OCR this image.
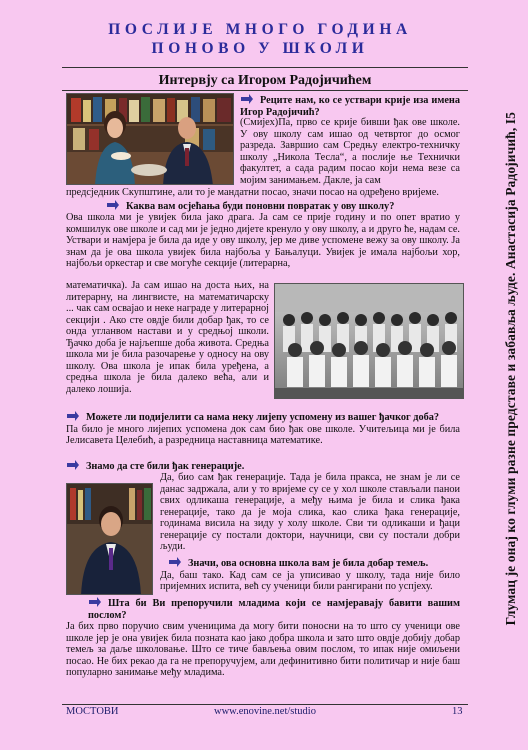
ПОСЛИЈЕ МНОГО ГОДИНА
ПОНОВО У ШКОЛИ
Интервју са Игором Радојичићем

Реците нам, ко се уствари крије иза имена Игор Радојичић?

(Смијех)Па, прво се крије бивши ђак ове школе. У ову школу сам ишао од четвртог до осмог разреда. Завршио сам Средњу електро-техничку школу „Никола Тесла“, а послије ње Технички факултет, а сада радим посао који нема везе са мојим занимањем. Дакле, ја сам

предсједник Скупштине, али то је мандатни посао, значи посао на одређено вријеме.

Каква вам осјећања буди поновни повратак у ову школу?

Ова школа ми је увијек била јако драга. Ја сам се прије годину и по опет вратио у комшилук ове школе и сад ми је једно дијете кренуло у ову школу, а и друго ће, надам се. Уствари и намјера је била да иде у ову школу, јер ме диве успомене вежу за ову школу. Ја знам да је ова школа увијек била најбоља у Бањалуци. Увијек је имала најбољи хор, најбољи оркестар и све могуће секције (литерарна,

математичка). Ја сам ишао на доста њих, на литерарну, на лингвисте, на математичарску ... чак сам освајао и неке награде у литерарној секцији . Ако сте овдје били добар ђак, то се онда угланвом настави и у средњој школи. Ђачко доба је најљепше доба живота. Средња школа ми је била разочарење у односу на ову школу. Ова школа је ипак била уређена, а средња школа је била далеко већа, али и далеко лошија.

Можете ли подијелити са нама неку лијепу успомену из вашег ђачког доба?

Па било је много лијепих успомена док сам био ђак ове школе. Учитељица ми је била Јелисавета Целебић, а разредница наставница математике.

Знамо да сте били ђак генерације.

Да, био сам ђак генерације. Тада је била пракса, не знам је ли се данас задржала, али у то вријеме су се у хол школе стављали панои свих одликаша генерације, а међу њима је била и слика ђака генерације, тако да је моја слика, као слика ђака генерације, годинама висила на зиду у холу школе. Сви ти одликаши и ђаци генерације су постали доктори, научници, сви су постали добри људи.

Значи, ова основна школа вам је била добар темељ.

Да, баш тако. Кад сам се ја уписивао у школу, тада није било пријемних испита, већ су ученици били рангирани по успјеху.

Шта би Ви препоручили младима који се намјеравају бавити вашим послом?

Ја бих прво поручио свим ученицима да могу бити поносни на то што су ученици ове школе јер је она увијек била позната као јако добра школа и зато што овдје добију добар темељ за даље школовање. Што се тиче бављења овим послом, то ипак није омиљени посао. Не бих рекао да га не препоручујем, али дефинитивно бити политичар и није баш популарно занимање међу младима.

Глумац је онај ко глуми разне представе и забавља људе. Анастасија Радојичић, I5
МОСТОВИ	www.enovine.net/studio	13
